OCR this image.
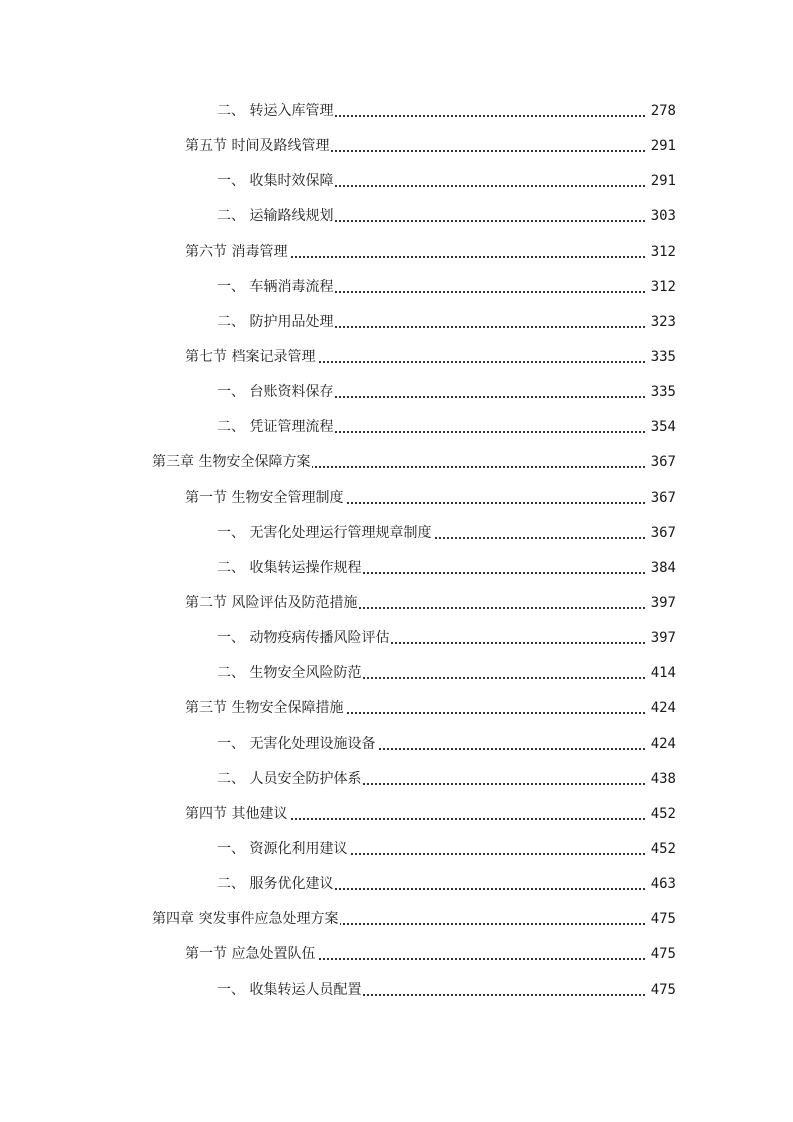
二、 转运入库管理	278
第五节 时间及路线管理	291
一、 收集时效保障	291
二、 运输路线规划	303
第六节 消毒管理	312
一、 车辆消毒流程	312
二、 防护用品处理	323
第七节 档案记录管理	335
一、 台账资料保存	335
二、 凭证管理流程	354
第三章 生物安全保障方案	367
第一节 生物安全管理制度	367
一、 无害化处理运行管理规章制度	367
二、 收集转运操作规程	384
第二节 风险评估及防范措施	397
一、 动物疫病传播风险评估	397
二、 生物安全风险防范	414
第三节 生物安全保障措施	424
一、 无害化处理设施设备	424
二、 人员安全防护体系	438
第四节 其他建议	452
一、 资源化利用建议	452
二、 服务优化建议	463
第四章 突发事件应急处理方案	475
第一节 应急处置队伍	475
一、 收集转运人员配置	475
